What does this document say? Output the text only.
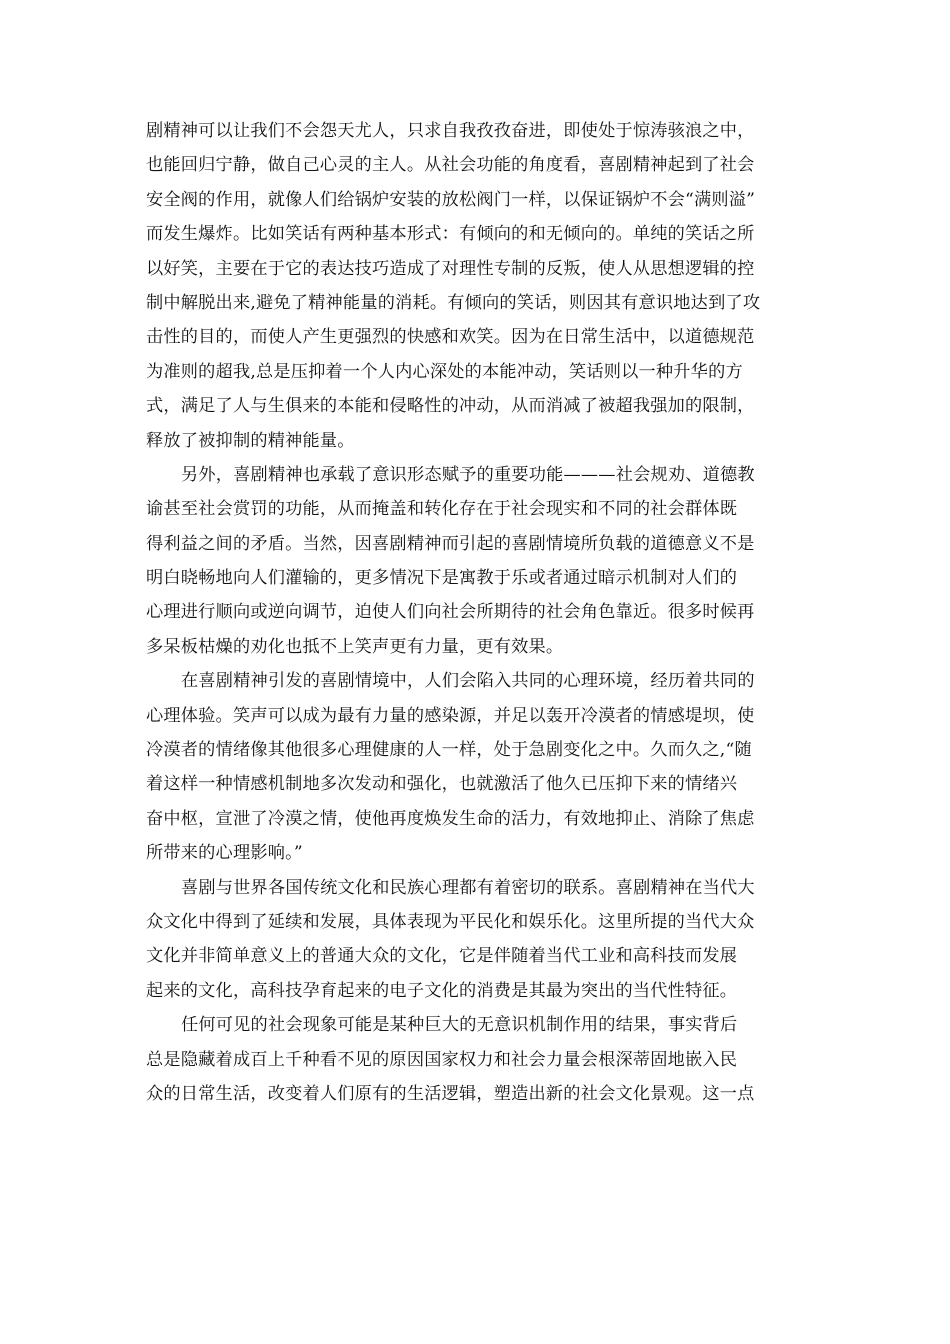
剧精神可以让我们不会怨天尤人，只求自我孜孜奋进，即使处于惊涛骇浪之中，
也能回归宁静，做自己心灵的主人。从社会功能的角度看，喜剧精神起到了社会
安全阀的作用，就像人们给锅炉安装的放松阀门一样，以保证锅炉不会“满则溢”
而发生爆炸。比如笑话有两种基本形式：有倾向的和无倾向的。单纯的笑话之所
以好笑，主要在于它的表达技巧造成了对理性专制的反叛，使人从思想逻辑的控
制中解脱出来,避免了精神能量的消耗。有倾向的笑话，则因其有意识地达到了攻
击性的目的，而使人产生更强烈的快感和欢笑。因为在日常生活中，以道德规范
为准则的超我,总是压抑着一个人内心深处的本能冲动，笑话则以一种升华的方
式，满足了人与生俱来的本能和侵略性的冲动，从而消减了被超我强加的限制，
释放了被抑制的精神能量。
另外，喜剧精神也承载了意识形态赋予的重要功能———社会规劝、道德教
谕甚至社会赏罚的功能，从而掩盖和转化存在于社会现实和不同的社会群体既
得利益之间的矛盾。当然，因喜剧精神而引起的喜剧情境所负载的道德意义不是
明白晓畅地向人们灌输的，更多情况下是寓教于乐或者通过暗示机制对人们的
心理进行顺向或逆向调节，迫使人们向社会所期待的社会角色靠近。很多时候再
多呆板枯燥的劝化也抵不上笑声更有力量，更有效果。
在喜剧精神引发的喜剧情境中，人们会陷入共同的心理环境，经历着共同的
心理体验。笑声可以成为最有力量的感染源，并足以轰开冷漠者的情感堤坝，使
冷漠者的情绪像其他很多心理健康的人一样，处于急剧变化之中。久而久之,“随
着这样一种情感机制地多次发动和强化，也就激活了他久已压抑下来的情绪兴
奋中枢，宣泄了冷漠之情，使他再度焕发生命的活力，有效地抑止、消除了焦虑
所带来的心理影响。”
喜剧与世界各国传统文化和民族心理都有着密切的联系。喜剧精神在当代大
众文化中得到了延续和发展，具体表现为平民化和娱乐化。这里所提的当代大众
文化并非简单意义上的普通大众的文化，它是伴随着当代工业和高科技而发展
起来的文化，高科技孕育起来的电子文化的消费是其最为突出的当代性特征。
任何可见的社会现象可能是某种巨大的无意识机制作用的结果，事实背后
总是隐藏着成百上千种看不见的原因国家权力和社会力量会根深蒂固地嵌入民
众的日常生活，改变着人们原有的生活逻辑，塑造出新的社会文化景观。这一点
